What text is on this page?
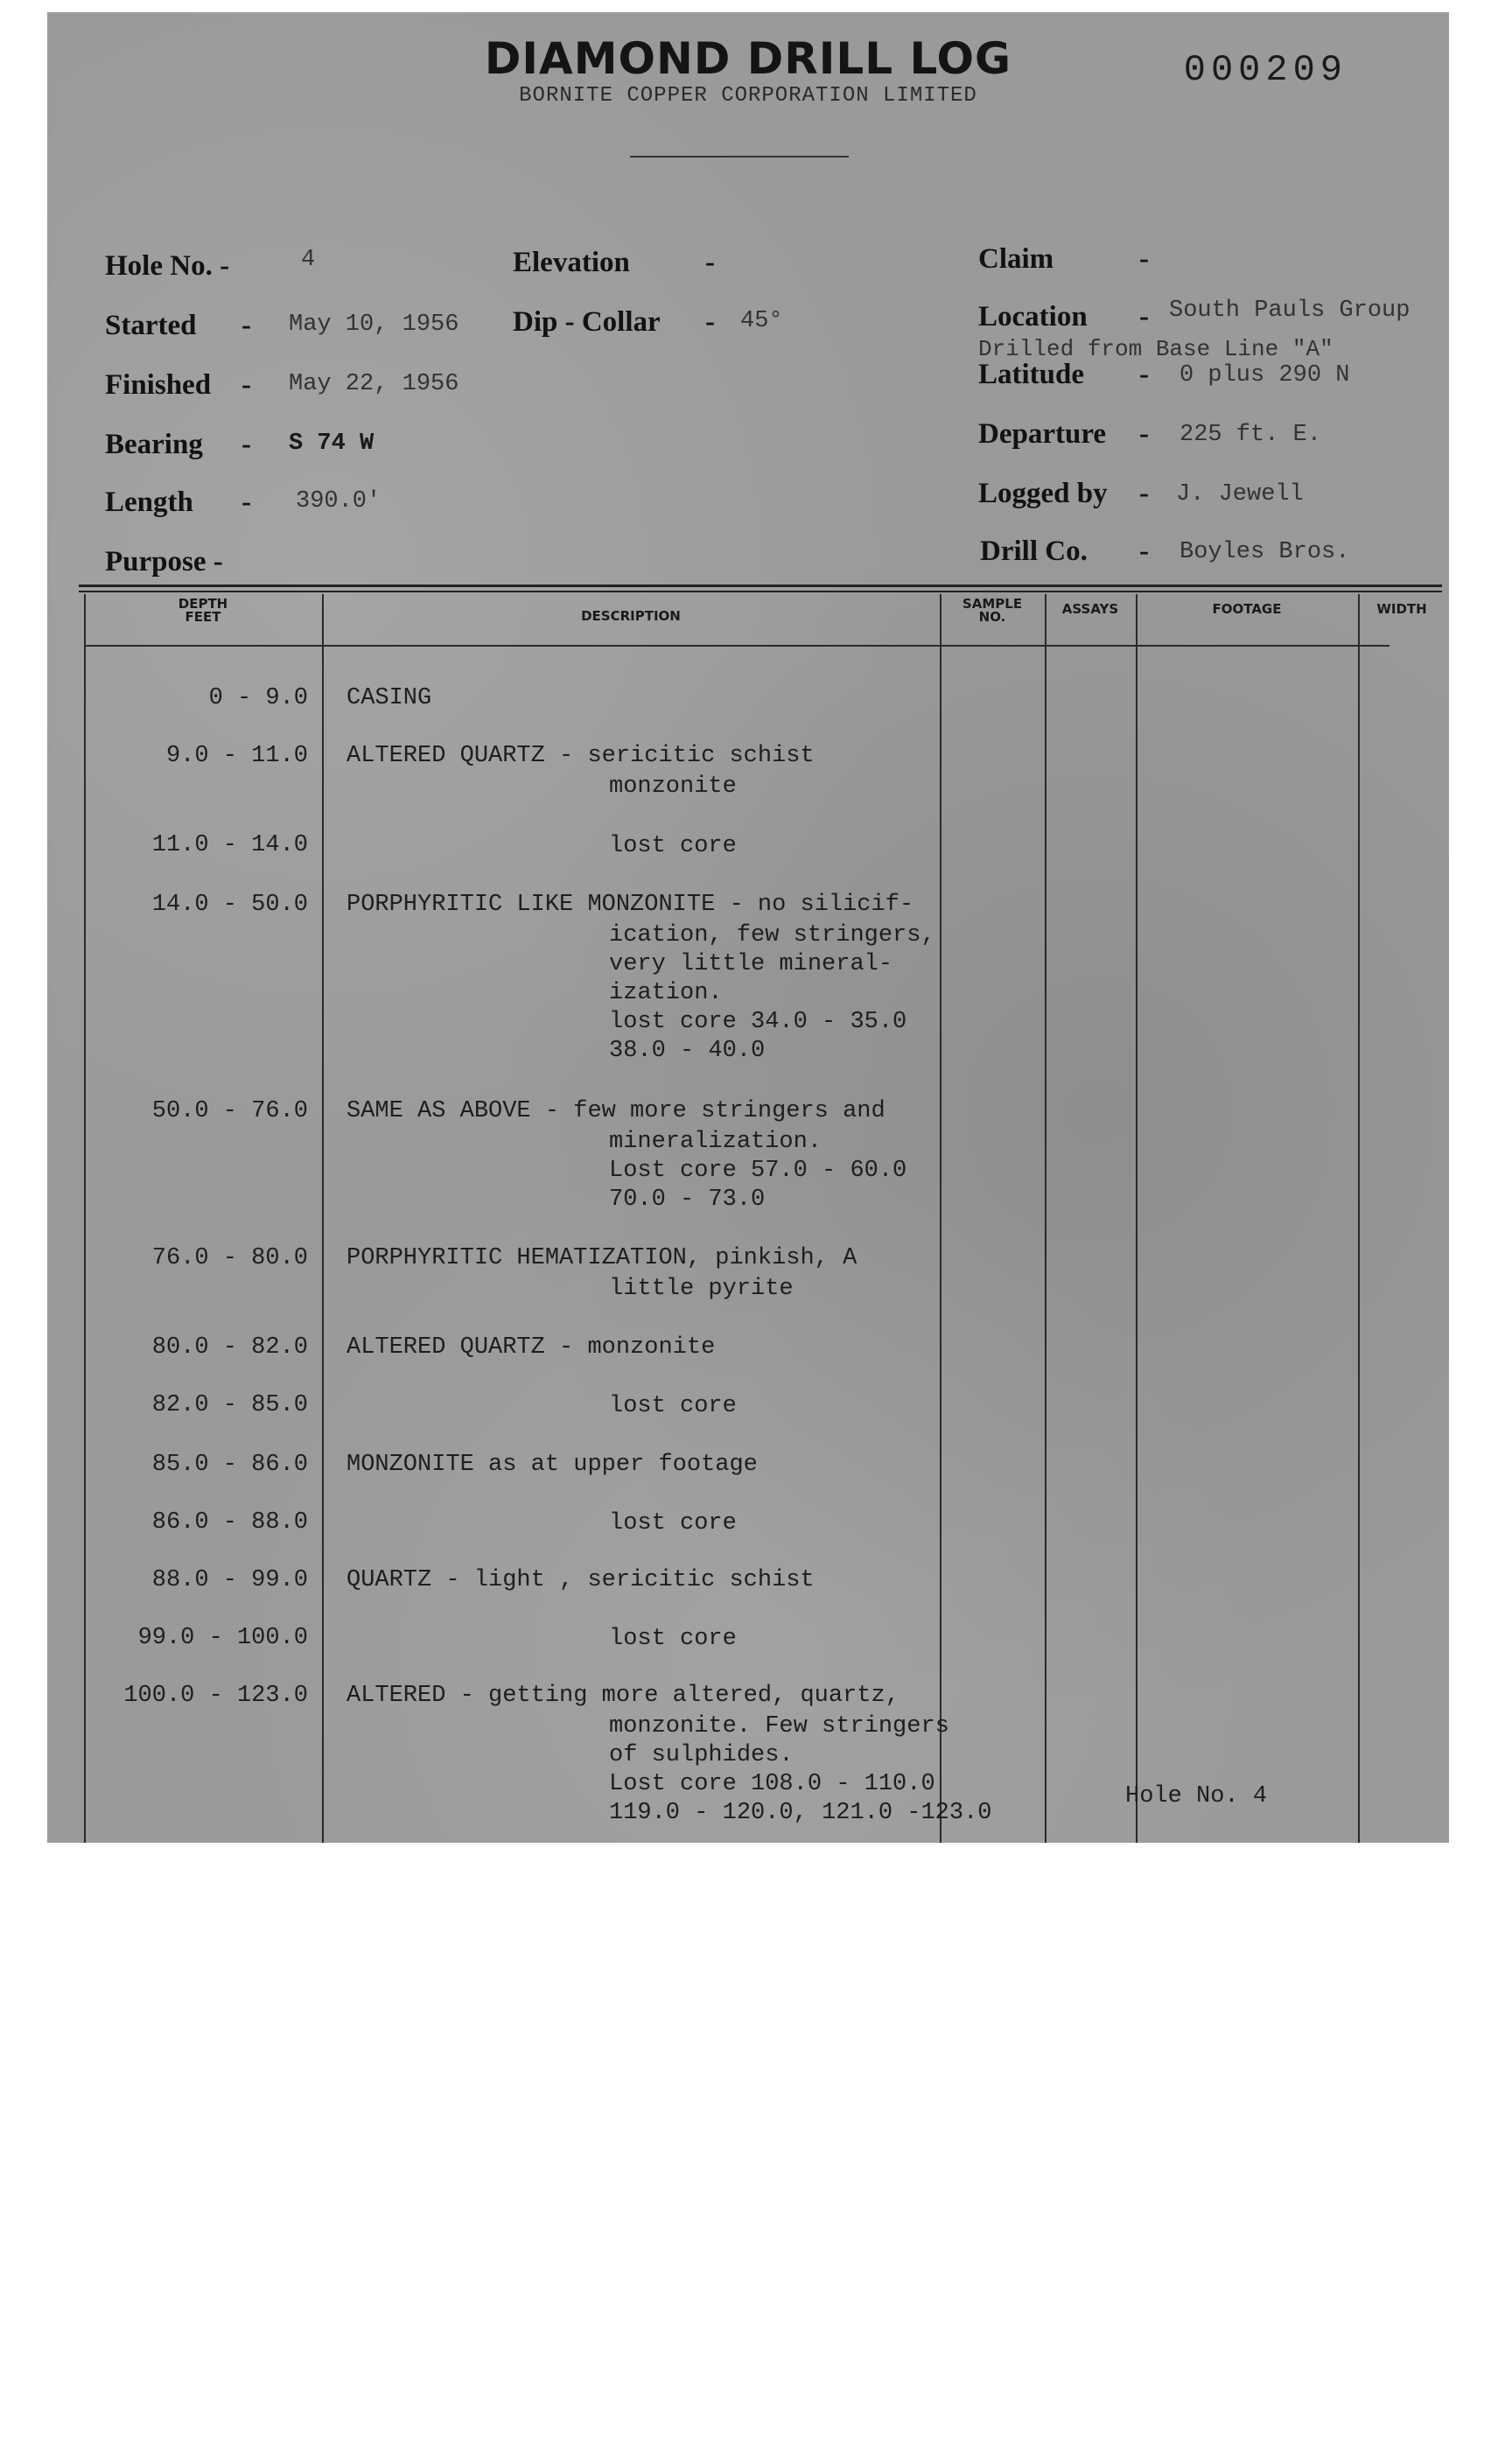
DIAMOND DRILL LOG
BORNITE COPPER CORPORATION LIMITED
000209
Hole No. -	4
Started - May 10, 1956
Finished - May 22, 1956
Bearing - S 74 W
Length - 390.0'
Purpose -
Elevation	-
Dip - Collar - 45°
Claim	-
Location - South Pauls Group
Drilled from Base Line "A"
Latitude - 0 plus 290 N
Departure - 225 ft. E.
Logged by - J. Jewell
Drill Co. - Boyles Bros.
DEPTH
FEET	DESCRIPTION
SAMPLE
NO.	ASSAYS	FOOTAGE	WIDTH
0 - 9.0 CASING
9.0 - 11.0 ALTERED QUARTZ - sericitic schist
monzonite
11.0 - 14.0	lost core
14.0 - 50.0 PORPHYRITIC LIKE MONZONITE - no silicif-
ication, few stringers,
very little mineral-
ization.
lost core 34.0 - 35.0
38.0 - 40.0
50.0 - 76.0 SAME AS ABOVE - few more stringers and
mineralization.
Lost core 57.0 - 60.0
70.0 - 73.0
76.0 - 80.0 PORPHYRITIC HEMATIZATION, pinkish, A
little pyrite
80.0 - 82.0 ALTERED QUARTZ - monzonite
82.0 - 85.0	lost core
85.0 - 86.0 MONZONITE as at upper footage
86.0 - 88.0	lost core
88.0 - 99.0 QUARTZ - light , sericitic schist
99.0 - 100.0	lost core
100.0 - 123.0 ALTERED - getting more altered, quartz,
monzonite. Few stringers
of sulphides.
Lost core 108.0 - 110.0
119.0 - 120.0, 121.0 -123.0
Hole No. 4
